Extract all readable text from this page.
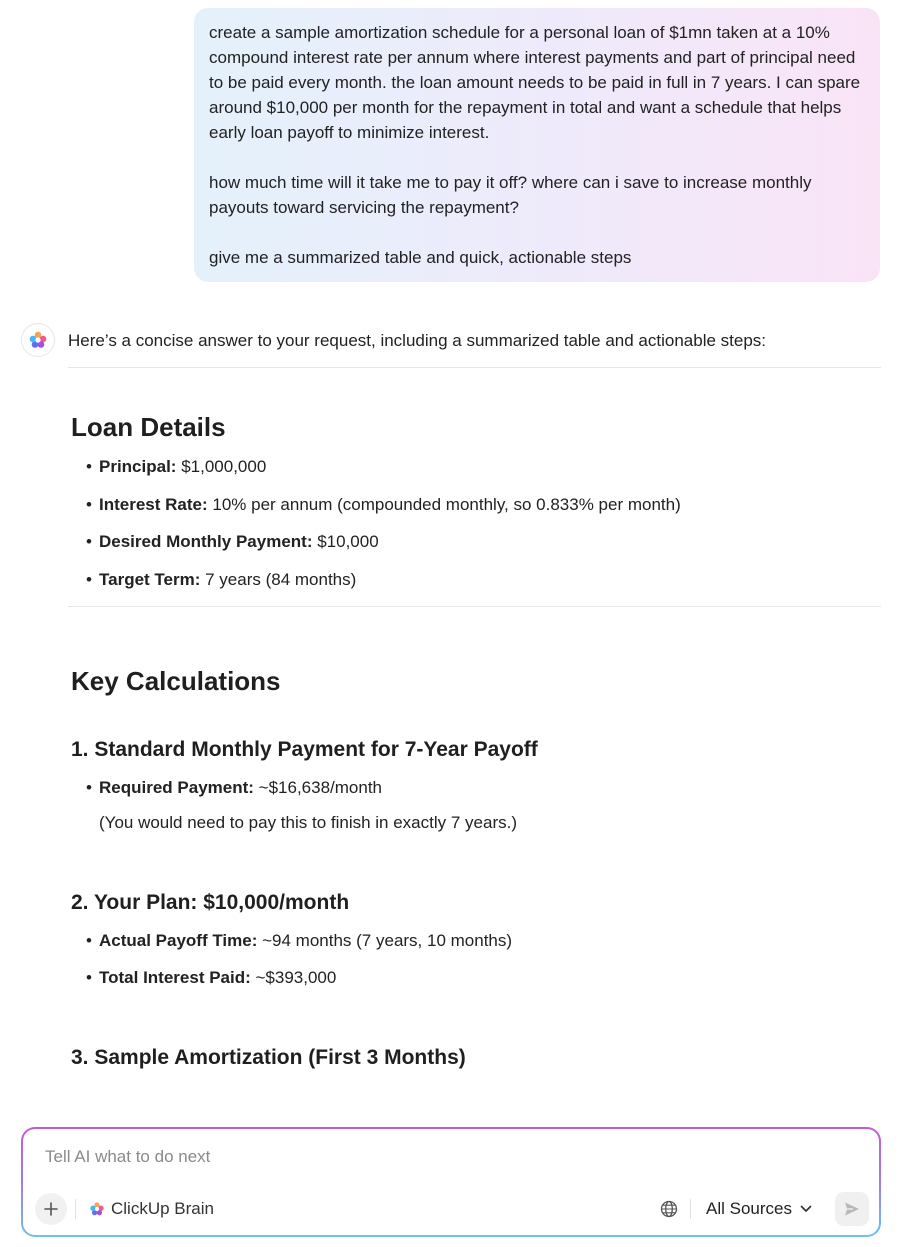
create a sample amortization schedule for a personal loan of $1mn taken at a 10% compound interest rate per annum where interest payments and part of principal need to be paid every month. the loan amount needs to be paid in full in 7 years. I can spare around $10,000 per month for the repayment in total and want a schedule that helps early loan payoff to minimize interest.

how much time will it take me to pay it off? where can i save to increase monthly payouts toward servicing the repayment?

give me a summarized table and quick, actionable steps

Here’s a concise answer to your request, including a summarized table and actionable steps:
Loan Details
• Principal: $1,000,000
• Interest Rate: 10% per annum (compounded monthly, so 0.833% per month)
• Desired Monthly Payment: $10,000
• Target Term: 7 years (84 months)
Key Calculations
1. Standard Monthly Payment for 7-Year Payoff
• Required Payment: ~$16,638/month
(You would need to pay this to finish in exactly 7 years.)
2. Your Plan: $10,000/month
• Actual Payoff Time: ~94 months (7 years, 10 months)
• Total Interest Paid: ~$393,000
3. Sample Amortization (First 3 Months)
Tell AI what to do next
ClickUp Brain	All Sources
